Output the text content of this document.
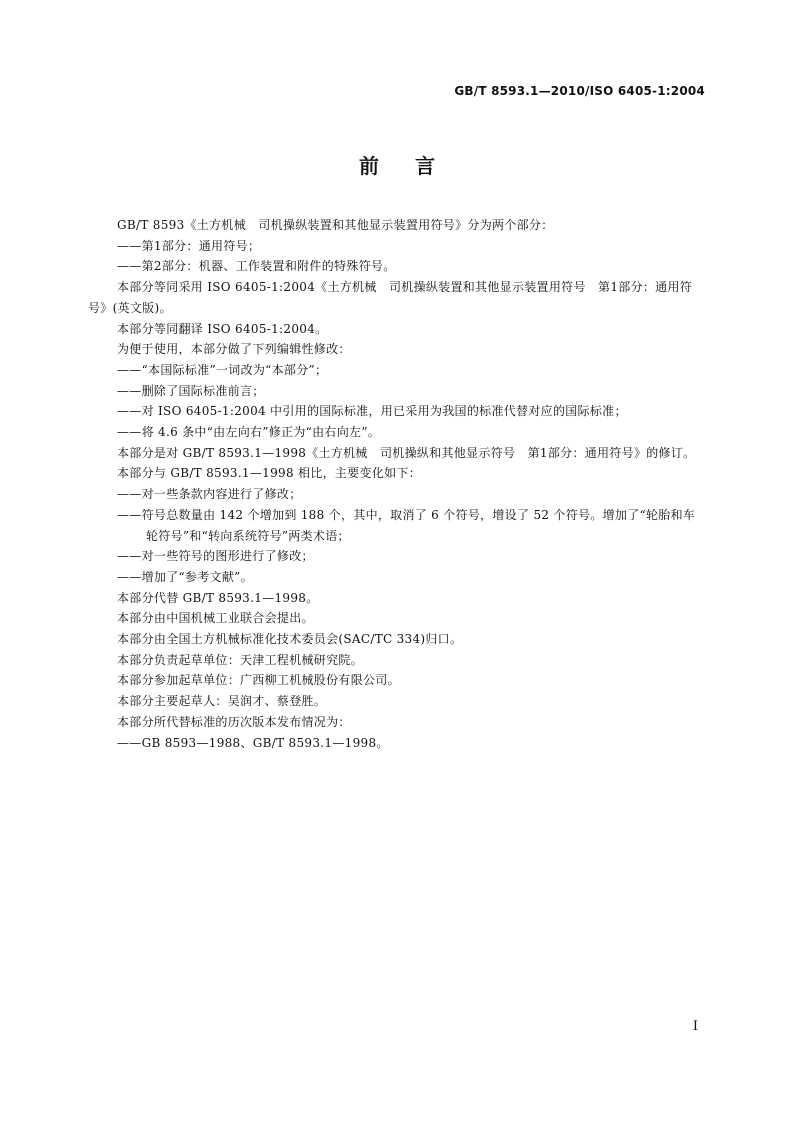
GB/T 8593.1—2010/ISO 6405-1:2004
前言

GB/T 8593《土方机械　司机操纵装置和其他显示装置用符号》分为两个部分：

——第1部分：通用符号；

——第2部分：机器、工作装置和附件的特殊符号。

本部分等同采用 ISO 6405-1:2004《土方机械　司机操纵装置和其他显示装置用符号　第1部分：通用符号》(英文版)。

本部分等同翻译 ISO 6405-1:2004。

为便于使用，本部分做了下列编辑性修改：

——“本国际标准”一词改为“本部分”；

——删除了国际标准前言；

——对 ISO 6405-1:2004 中引用的国际标准，用已采用为我国的标准代替对应的国际标准；

——将 4.6 条中“由左向右”修正为“由右向左”。

本部分是对 GB/T 8593.1—1998《土方机械　司机操纵和其他显示符号　第1部分：通用符号》的修订。

本部分与 GB/T 8593.1—1998 相比，主要变化如下：

——对一些条款内容进行了修改；

——符号总数量由 142 个增加到 188 个，其中，取消了 6 个符号，增设了 52 个符号。增加了“轮胎和车轮符号”和“转向系统符号”两类术语；

——对一些符号的图形进行了修改；

——增加了“参考文献”。

本部分代替 GB/T 8593.1—1998。

本部分由中国机械工业联合会提出。

本部分由全国土方机械标准化技术委员会(SAC/TC 334)归口。

本部分负责起草单位：天津工程机械研究院。

本部分参加起草单位：广西柳工机械股份有限公司。

本部分主要起草人：吴润才、蔡登胜。

本部分所代替标准的历次版本发布情况为：

——GB 8593—1988、GB/T 8593.1—1998。

I
